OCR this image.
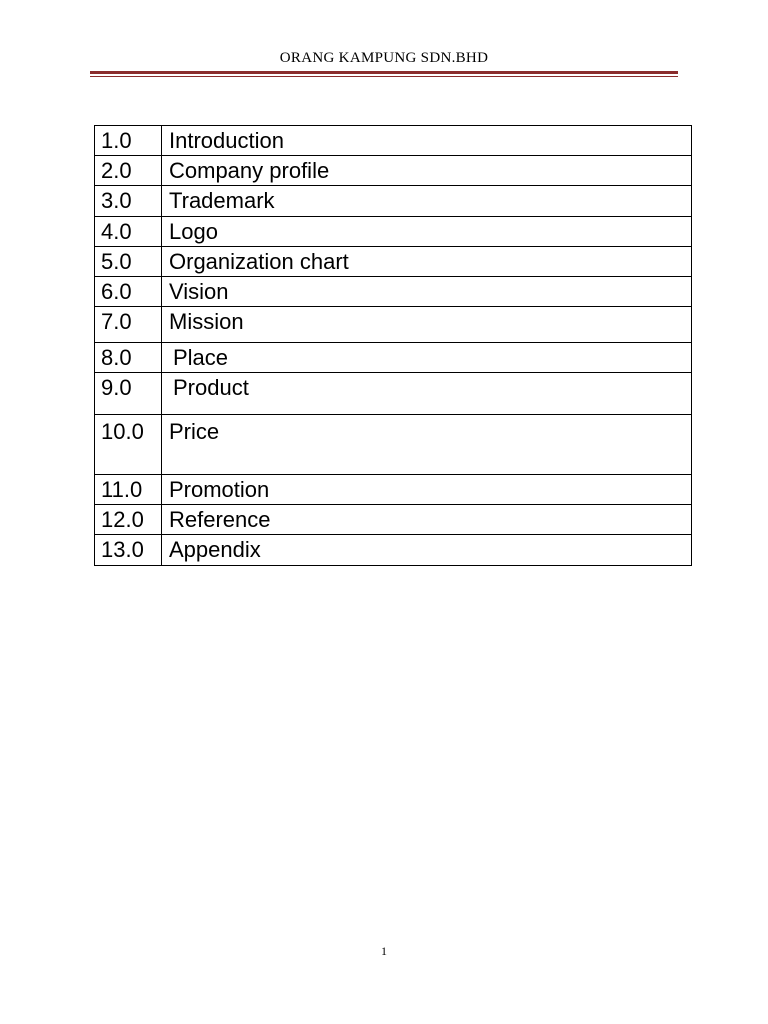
ORANG KAMPUNG SDN.BHD
1.0	Introduction
2.0	Company profile
3.0	Trademark
4.0	Logo
5.0	Organization chart
6.0	Vision
7.0	Mission
8.0	Place
9.0	Product
10.0	Price
11.0	Promotion
12.0	Reference
13.0	Appendix
1
